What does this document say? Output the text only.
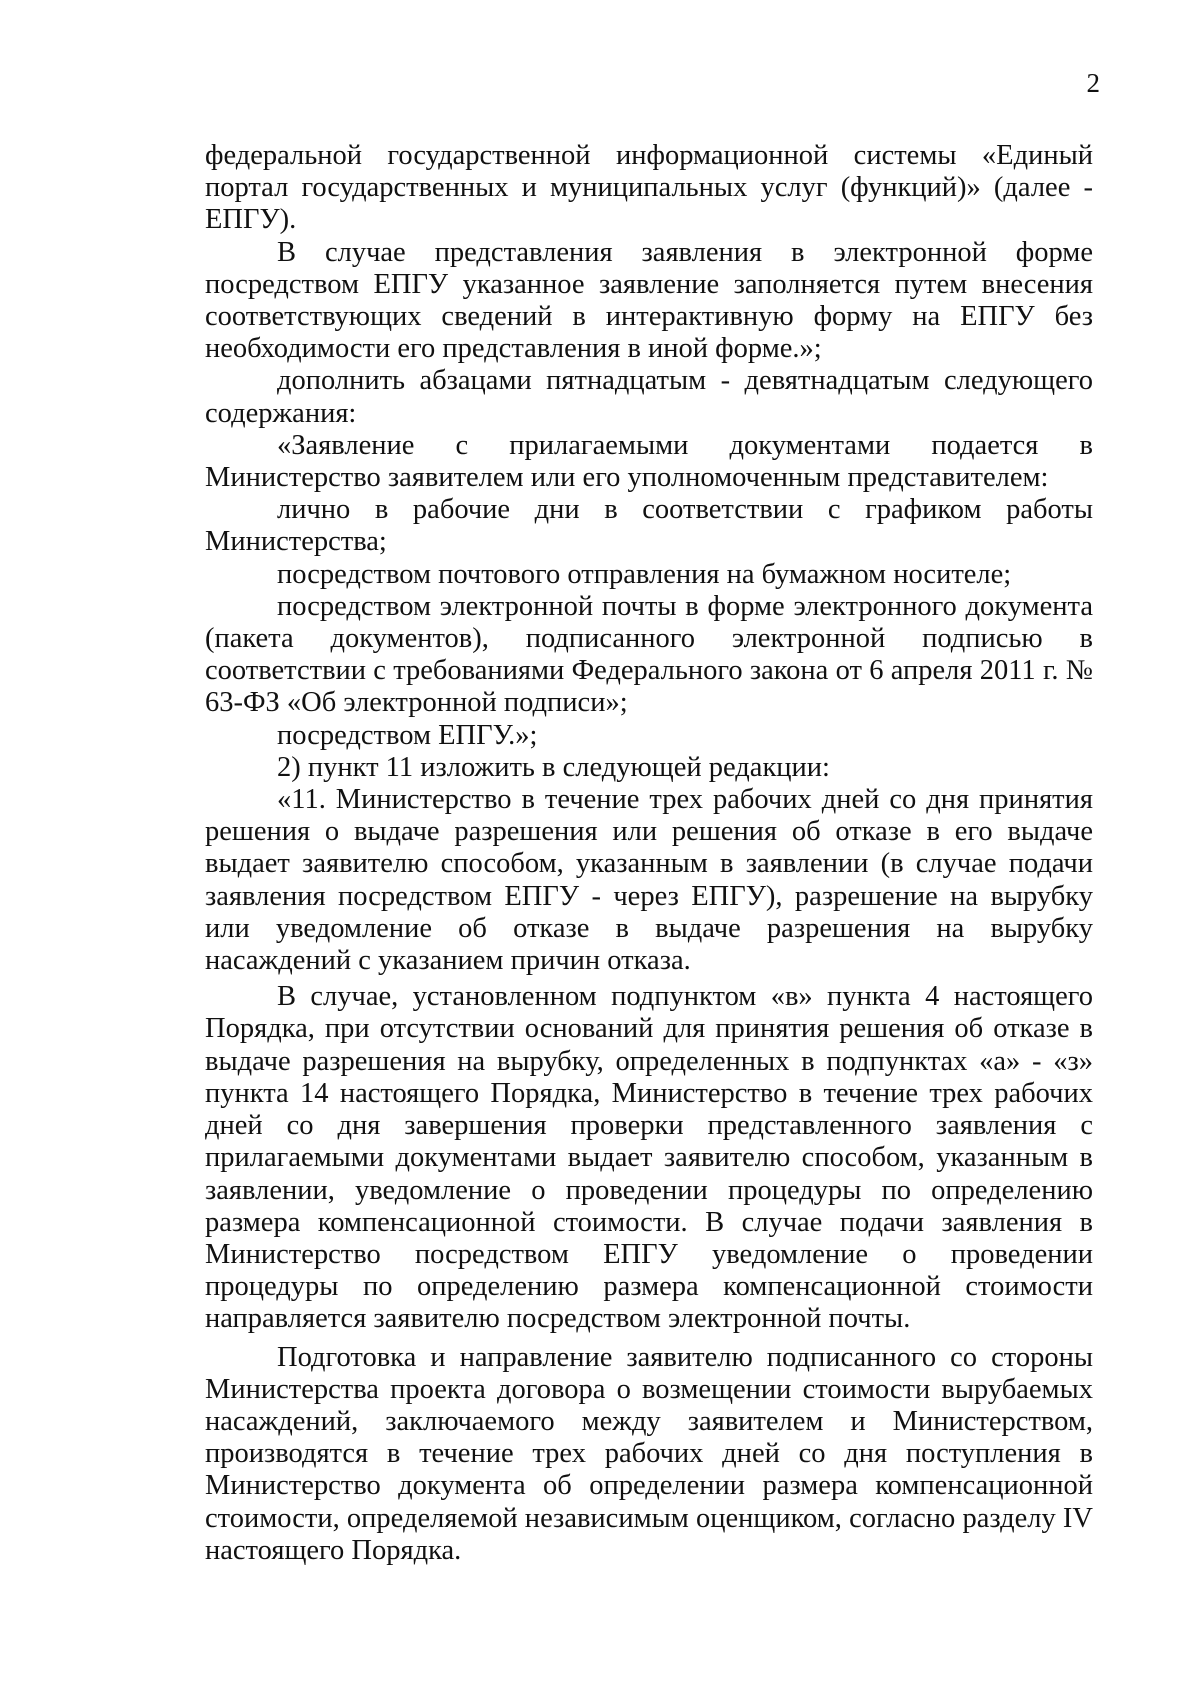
2

федеральной государственной информационной системы «Единый портал государственных и муниципальных услуг (функций)» (далее - ЕПГУ).

В случае представления заявления в электронной форме посредством ЕПГУ указанное заявление заполняется путем внесения соответствующих сведений в интерактивную форму на ЕПГУ без необходимости его представления в иной форме.»;

дополнить абзацами пятнадцатым - девятнадцатым следующего содержания:

«Заявление с прилагаемыми документами подается в Министерство заявителем или его уполномоченным представителем:

лично в рабочие дни в соответствии с графиком работы Министерства;

посредством почтового отправления на бумажном носителе;

посредством электронной почты в форме электронного документа (пакета документов), подписанного электронной подписью в соответствии с требованиями Федерального закона от 6 апреля 2011 г. № 63-ФЗ «Об электронной подписи»;

посредством ЕПГУ.»;

2) пункт 11 изложить в следующей редакции:

«11. Министерство в течение трех рабочих дней со дня принятия решения о выдаче разрешения или решения об отказе в его выдаче выдает заявителю способом, указанным в заявлении (в случае подачи заявления посредством ЕПГУ - через ЕПГУ), разрешение на вырубку или уведомление об отказе в выдаче разрешения на вырубку насаждений с указанием причин отказа.

В случае, установленном подпунктом «в» пункта 4 настоящего Порядка, при отсутствии оснований для принятия решения об отказе в выдаче разрешения на вырубку, определенных в подпунктах «а» - «з» пункта 14 настоящего Порядка, Министерство в течение трех рабочих дней со дня завершения проверки представленного заявления с прилагаемыми документами выдает заявителю способом, указанным в заявлении, уведомление о проведении процедуры по определению размера компенсационной стоимости. В случае подачи заявления в Министерство посредством ЕПГУ уведомление о проведении процедуры по определению размера компенсационной стоимости направляется заявителю посредством электронной почты.

Подготовка и направление заявителю подписанного со стороны Министерства проекта договора о возмещении стоимости вырубаемых насаждений, заключаемого между заявителем и Министерством, производятся в течение трех рабочих дней со дня поступления в Министерство документа об определении размера компенсационной стоимости, определяемой независимым оценщиком, согласно разделу IV настоящего Порядка.
